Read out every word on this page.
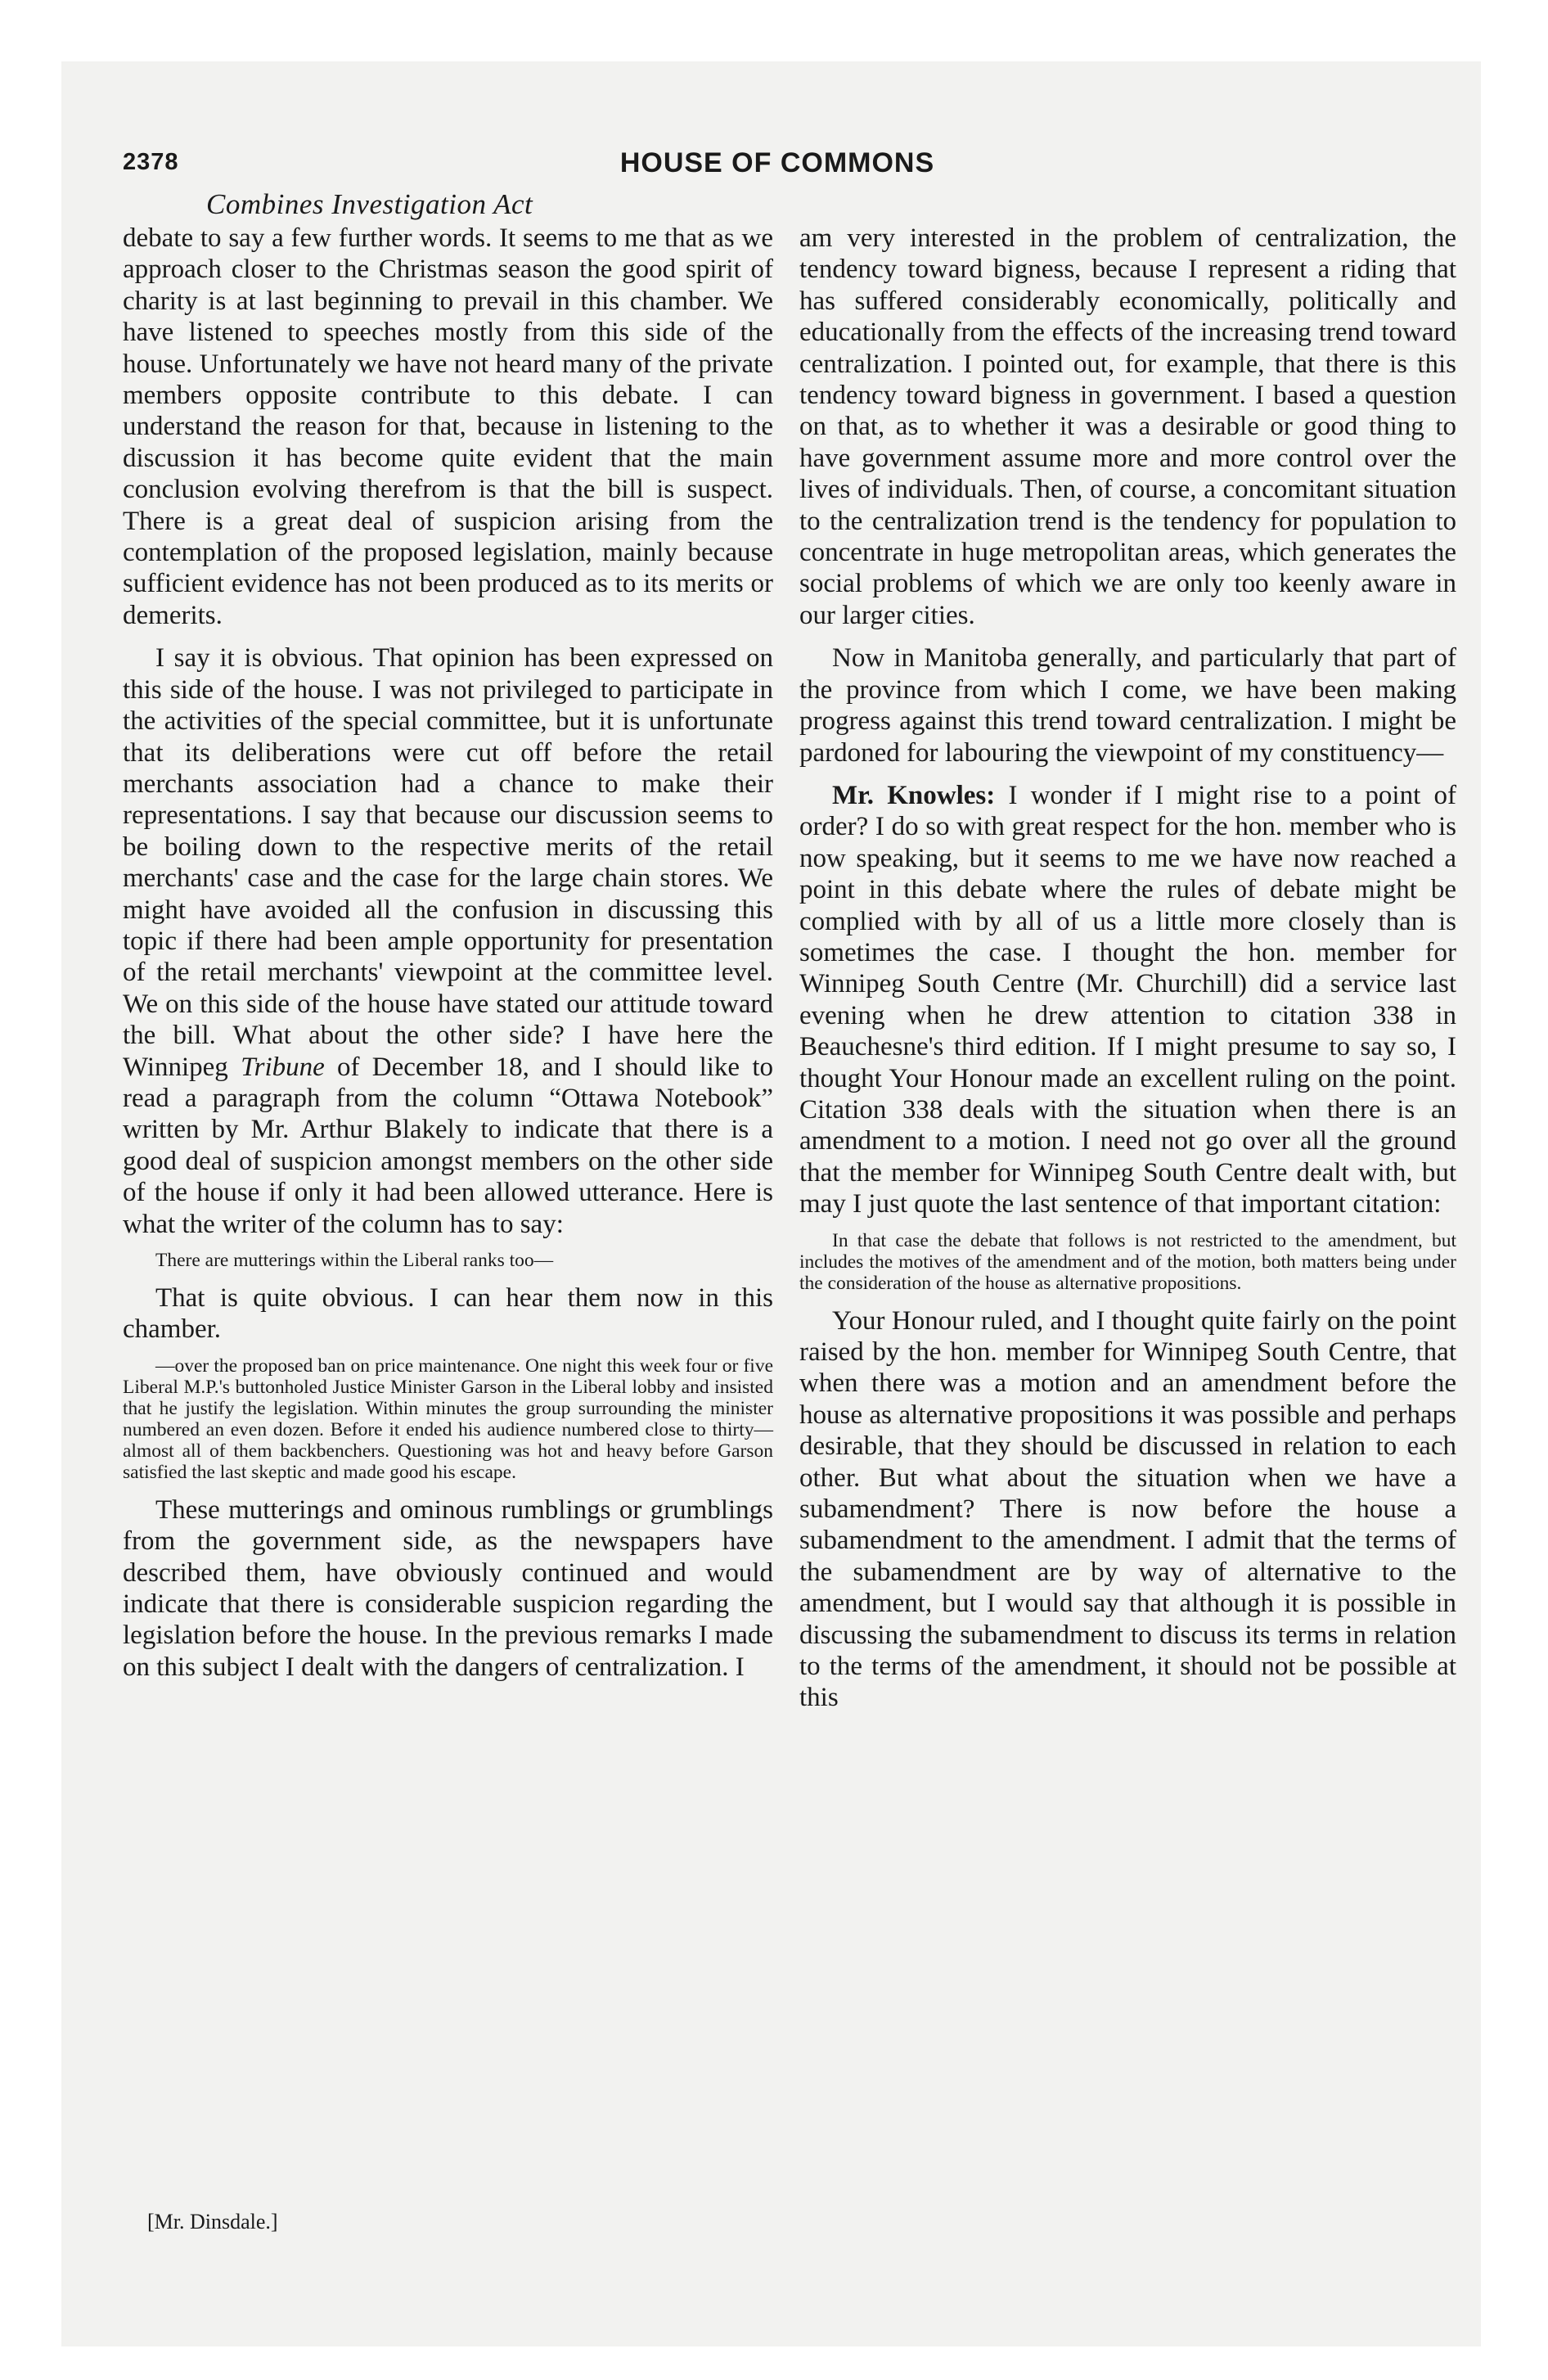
2378	HOUSE OF COMMONS
Combines Investigation Act

debate to say a few further words. It seems to me that as we approach closer to the Christmas season the good spirit of charity is at last beginning to prevail in this chamber. We have listened to speeches mostly from this side of the house. Unfortunately we have not heard many of the private members opposite contribute to this debate. I can understand the reason for that, because in listening to the discussion it has become quite evident that the main conclusion evolving therefrom is that the bill is suspect. There is a great deal of suspicion arising from the contemplation of the proposed legislation, mainly because sufficient evidence has not been produced as to its merits or demerits.

I say it is obvious. That opinion has been expressed on this side of the house. I was not privileged to participate in the activities of the special committee, but it is unfortunate that its deliberations were cut off before the retail merchants association had a chance to make their representations. I say that because our discussion seems to be boiling down to the respective merits of the retail merchants' case and the case for the large chain stores. We might have avoided all the confusion in discussing this topic if there had been ample opportunity for presentation of the retail merchants' viewpoint at the committee level. We on this side of the house have stated our attitude toward the bill. What about the other side? I have here the Winnipeg Tribune of December 18, and I should like to read a paragraph from the column “Ottawa Notebook” written by Mr. Arthur Blakely to indicate that there is a good deal of suspicion amongst members on the other side of the house if only it had been allowed utterance. Here is what the writer of the column has to say:

There are mutterings within the Liberal ranks too—

That is quite obvious. I can hear them now in this chamber.

—over the proposed ban on price maintenance. One night this week four or five Liberal M.P.'s buttonholed Justice Minister Garson in the Liberal lobby and insisted that he justify the legislation. Within minutes the group surrounding the minister numbered an even dozen. Before it ended his audience numbered close to thirty—almost all of them backbenchers. Questioning was hot and heavy before Garson satisfied the last skeptic and made good his escape.

These mutterings and ominous rumblings or grumblings from the government side, as the newspapers have described them, have obviously continued and would indicate that there is considerable suspicion regarding the legislation before the house. In the previous remarks I made on this subject I dealt with the dangers of centralization. I

am very interested in the problem of centralization, the tendency toward bigness, because I represent a riding that has suffered considerably economically, politically and educationally from the effects of the increasing trend toward centralization. I pointed out, for example, that there is this tendency toward bigness in government. I based a question on that, as to whether it was a desirable or good thing to have government assume more and more control over the lives of individuals. Then, of course, a concomitant situation to the centralization trend is the tendency for population to concentrate in huge metropolitan areas, which generates the social problems of which we are only too keenly aware in our larger cities.

Now in Manitoba generally, and particularly that part of the province from which I come, we have been making progress against this trend toward centralization. I might be pardoned for labouring the viewpoint of my constituency—

Mr. Knowles: I wonder if I might rise to a point of order? I do so with great respect for the hon. member who is now speaking, but it seems to me we have now reached a point in this debate where the rules of debate might be complied with by all of us a little more closely than is sometimes the case. I thought the hon. member for Winnipeg South Centre (Mr. Churchill) did a service last evening when he drew attention to citation 338 in Beauchesne's third edition. If I might presume to say so, I thought Your Honour made an excellent ruling on the point. Citation 338 deals with the situation when there is an amendment to a motion. I need not go over all the ground that the member for Winnipeg South Centre dealt with, but may I just quote the last sentence of that important citation:

In that case the debate that follows is not restricted to the amendment, but includes the motives of the amendment and of the motion, both matters being under the consideration of the house as alternative propositions.

Your Honour ruled, and I thought quite fairly on the point raised by the hon. member for Winnipeg South Centre, that when there was a motion and an amendment before the house as alternative propositions it was possible and perhaps desirable, that they should be discussed in relation to each other. But what about the situation when we have a subamendment? There is now before the house a subamendment to the amendment. I admit that the terms of the subamendment are by way of alternative to the amendment, but I would say that although it is possible in discussing the subamendment to discuss its terms in relation to the terms of the amendment, it should not be possible at this

[Mr. Dinsdale.]
